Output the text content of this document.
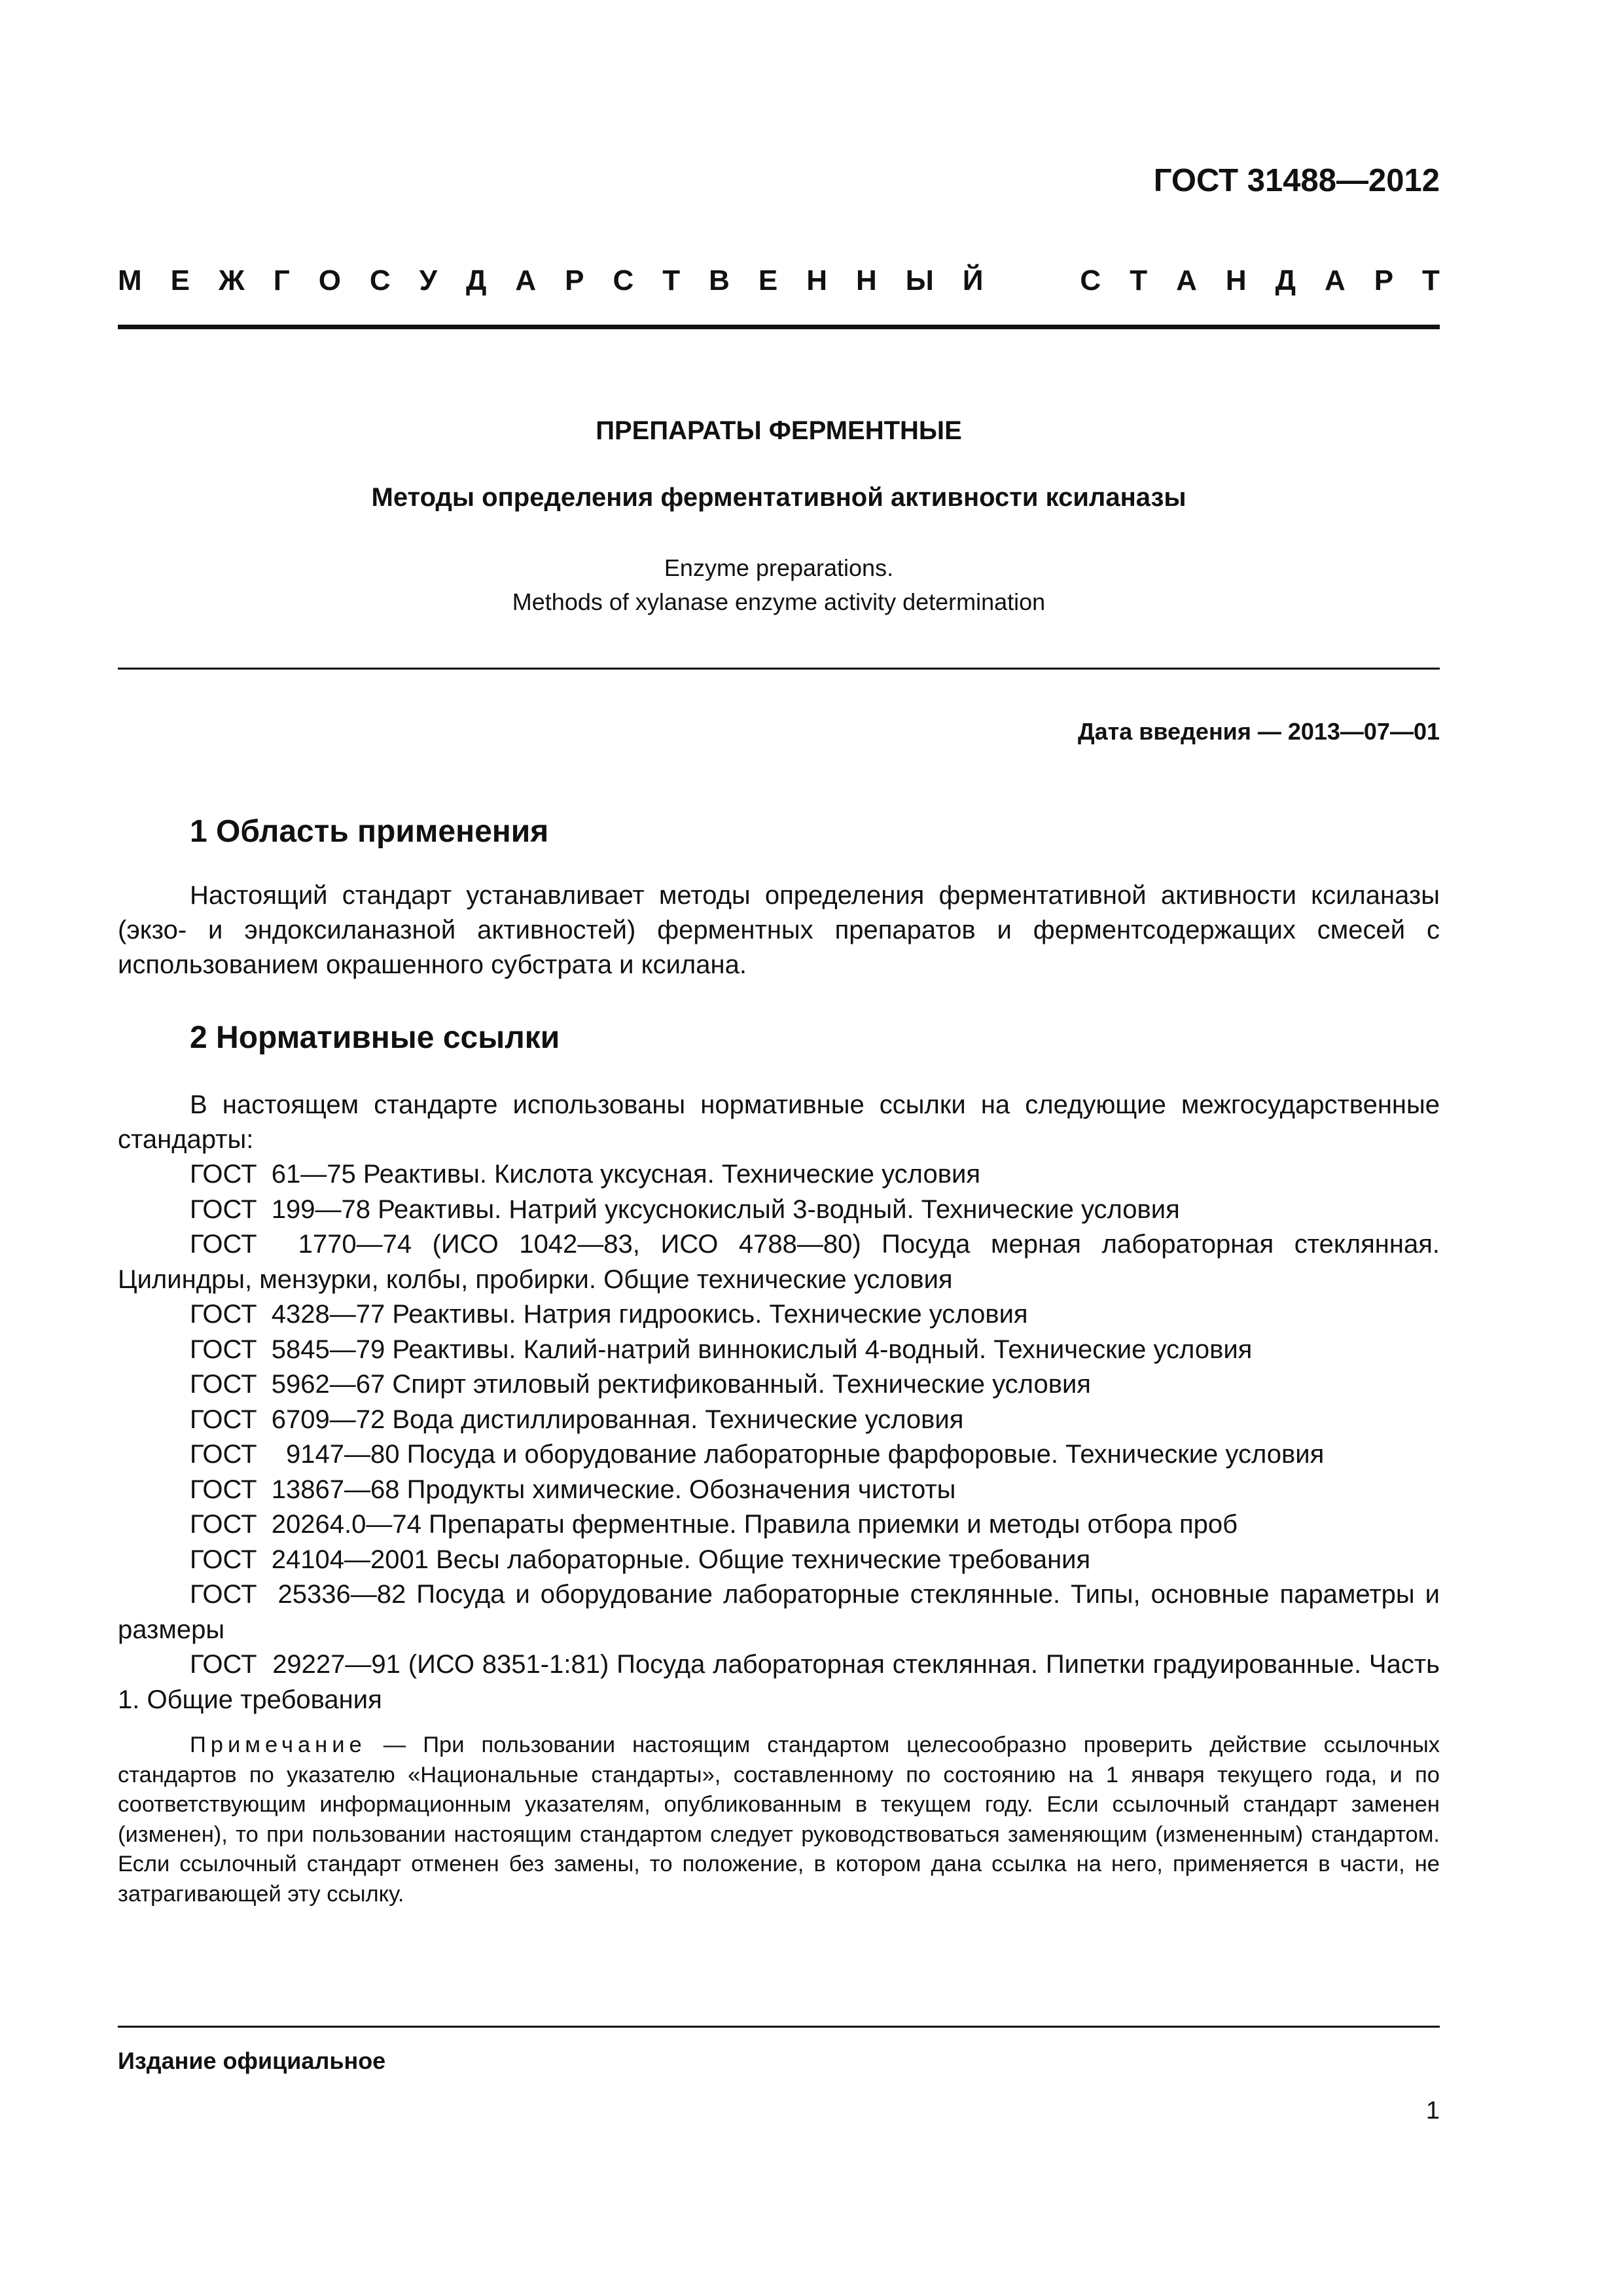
ГОСТ 31488—2012
М Е Ж Г О С У Д А Р С Т В Е Н Н Ы Й	С Т А Н Д А Р Т
ПРЕПАРАТЫ ФЕРМЕНТНЫЕ
Методы определения ферментативной активности ксиланазы
Enzyme preparations.
Methods of xylanase enzyme activity determination
Дата введения — 2013—07—01
1 Область применения
Настоящий стандарт устанавливает методы определения ферментативной активности ксиланазы (экзо- и эндоксиланазной активностей) ферментных препаратов и ферментсодержащих смесей с использованием окрашенного субстрата и ксилана.
2 Нормативные ссылки
В настоящем стандарте использованы нормативные ссылки на следующие межгосударственные стандарты:
ГОСТ  61—75 Реактивы. Кислота уксусная. Технические условия
ГОСТ  199—78 Реактивы. Натрий уксуснокислый 3-водный. Технические условия
ГОСТ  1770—74 (ИСО 1042—83, ИСО 4788—80) Посуда мерная лабораторная стеклянная. Цилиндры, мензурки, колбы, пробирки. Общие технические условия
ГОСТ  4328—77 Реактивы. Натрия гидроокись. Технические условия
ГОСТ  5845—79 Реактивы. Калий-натрий виннокислый 4-водный. Технические условия
ГОСТ  5962—67 Спирт этиловый ректификованный. Технические условия
ГОСТ  6709—72 Вода дистиллированная. Технические условия
ГОСТ    9147—80 Посуда и оборудование лабораторные фарфоровые. Технические условия
ГОСТ  13867—68 Продукты химические. Обозначения чистоты
ГОСТ  20264.0—74 Препараты ферментные. Правила приемки и методы отбора проб
ГОСТ  24104—2001 Весы лабораторные. Общие технические требования
ГОСТ  25336—82 Посуда и оборудование лабораторные стеклянные. Типы, основные параметры и размеры
ГОСТ  29227—91 (ИСО 8351-1:81) Посуда лабораторная стеклянная. Пипетки градуированные. Часть 1. Общие требования
Примечание — При пользовании настоящим стандартом целесообразно проверить действие ссылочных стандартов по указателю «Национальные стандарты», составленному по состоянию на 1 января текущего года, и по соответствующим информационным указателям, опубликованным в текущем году. Если ссылочный стандарт заменен (изменен), то при пользовании настоящим стандартом следует руководствоваться заменяющим (измененным) стандартом. Если ссылочный стандарт отменен без замены, то положение, в котором дана ссылка на него, применяется в части, не затрагивающей эту ссылку.
Издание официальное
1
